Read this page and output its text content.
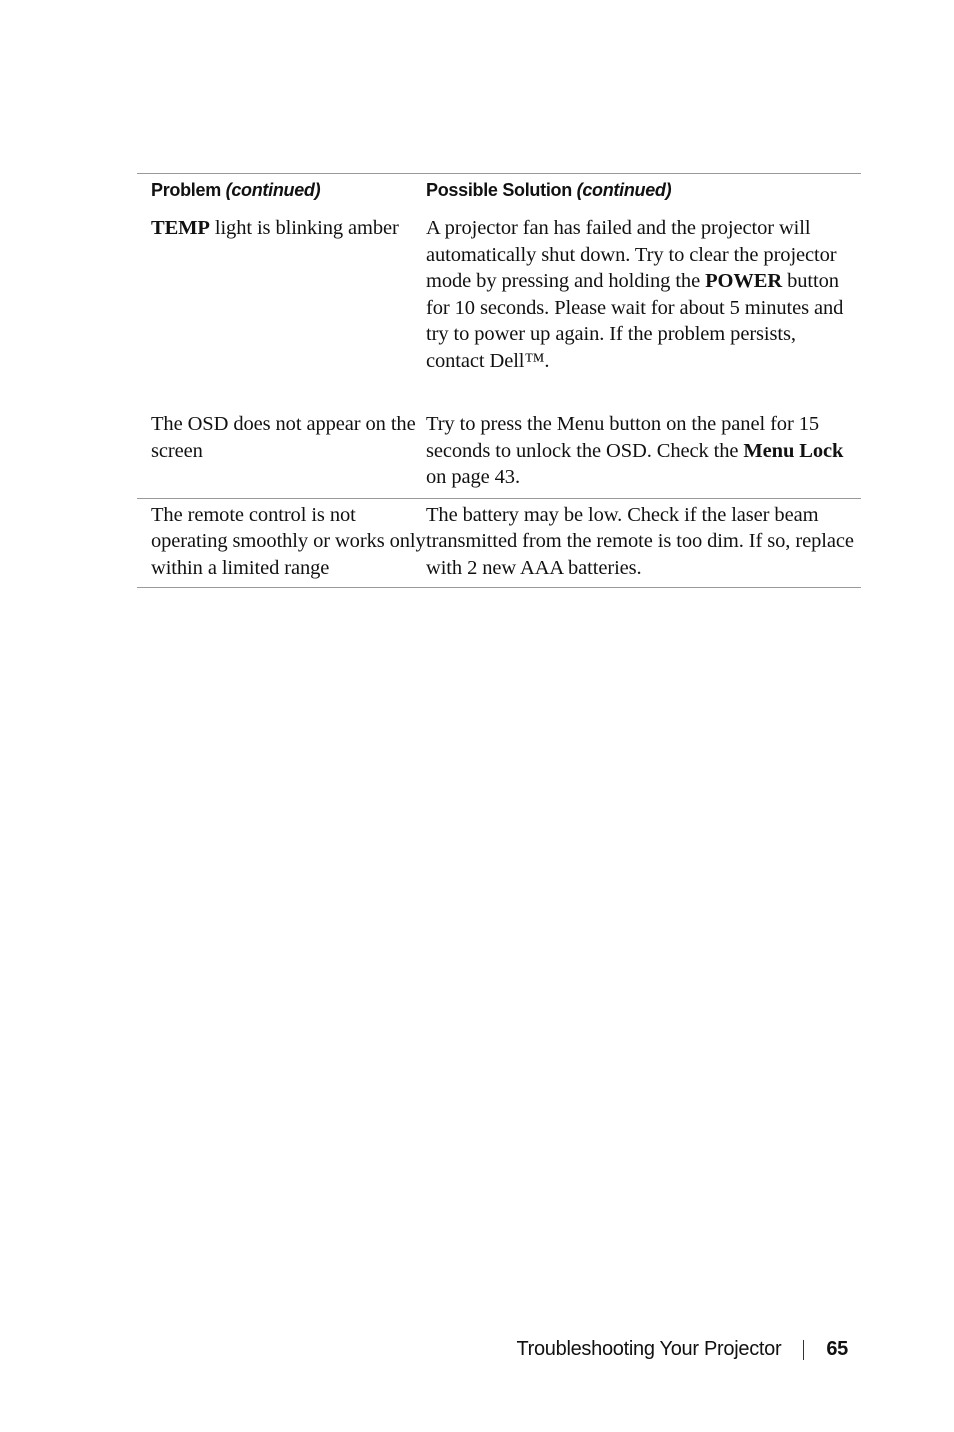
Problem (continued)	Possible Solution (continued)
TEMP light is blinking amber	A projector fan has failed and the projector will automatically shut down. Try to clear the projector mode by pressing and holding the POWER button for 10 seconds. Please wait for about 5 minutes and try to power up again. If the problem persists, contact Dell™.
The OSD does not appear on the screen
Try to press the Menu button on the panel for 15 seconds to unlock the OSD. Check the Menu Lock on page 43.
The remote control is not operating smoothly or works only within a limited range
The battery may be low. Check if the laser beam transmitted from the remote is too dim. If so, replace with 2 new AAA batteries.
Troubleshooting Your Projector 65
